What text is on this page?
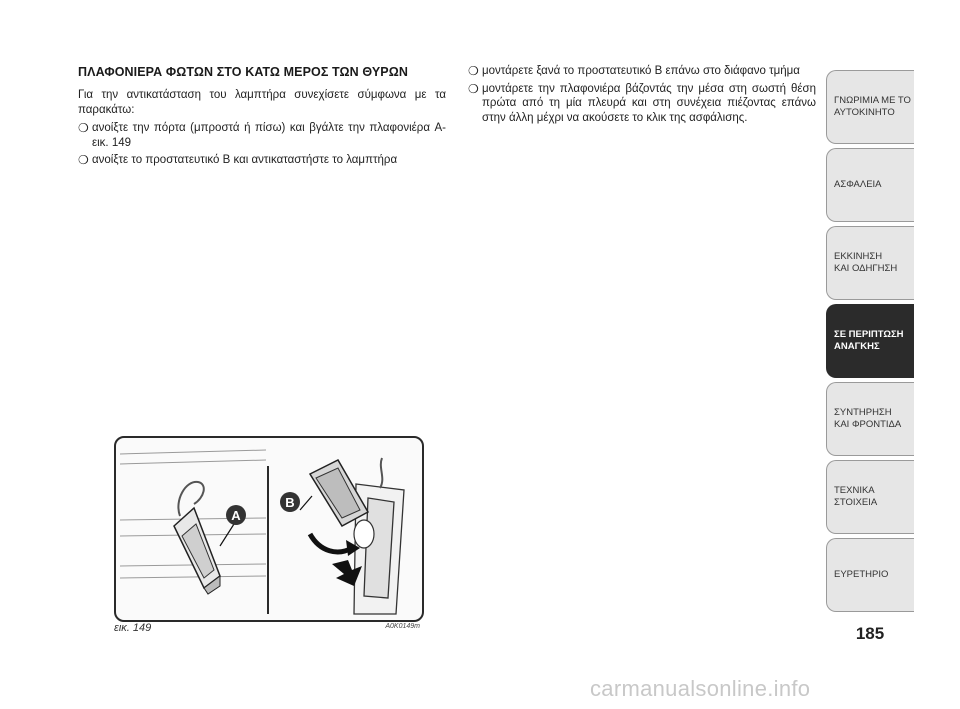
ΠΛΑΦΟΝΙΕΡΑ ΦΩΤΩΝ ΣΤΟ ΚΑΤΩ ΜΕΡΟΣ ΤΩΝ ΘΥΡΩΝ

Για την αντικατάσταση του λαμπτήρα συνεχίσετε σύμφωνα με τα παρακάτω:

❍ ανοίξτε την πόρτα (μπροστά ή πίσω) και βγάλτε την πλαφονιέρα A-εικ. 149
❍ ανοίξτε το προστατευτικό B και αντικαταστήστε το λαμπτήρα
❍ μοντάρετε ξανά το προστατευτικό B επάνω στο διάφανο τμήμα
❍ μοντάρετε την πλαφονιέρα βάζοντάς την μέσα στη σωστή θέση πρώτα από τη μία πλευρά και στη συνέχεια πιέζοντας επάνω στην άλλη μέχρι να ακούσετε το κλικ της ασφάλισης.
A
B
εικ. 149	A0K0149m
ΓΝΩΡΙΜΙΑ ΜΕ ΤΟ
ΑΥΤΟΚΙΝΗΤΟ
ΑΣΦΑΛΕΙΑ
ΕΚΚΙΝΗΣΗ
ΚΑΙ ΟΔΗΓΗΣΗ
ΣΕ ΠΕΡΙΠΤΩΣΗ
ΑΝΑΓΚΗΣ
ΣΥΝΤΗΡΗΣΗ
ΚΑΙ ΦΡΟΝΤΙΔΑ
ΤΕΧΝΙΚΑ
ΣΤΟΙΧΕΙΑ
ΕΥΡΕΤΗΡΙΟ
185
carmanualsonline.info
